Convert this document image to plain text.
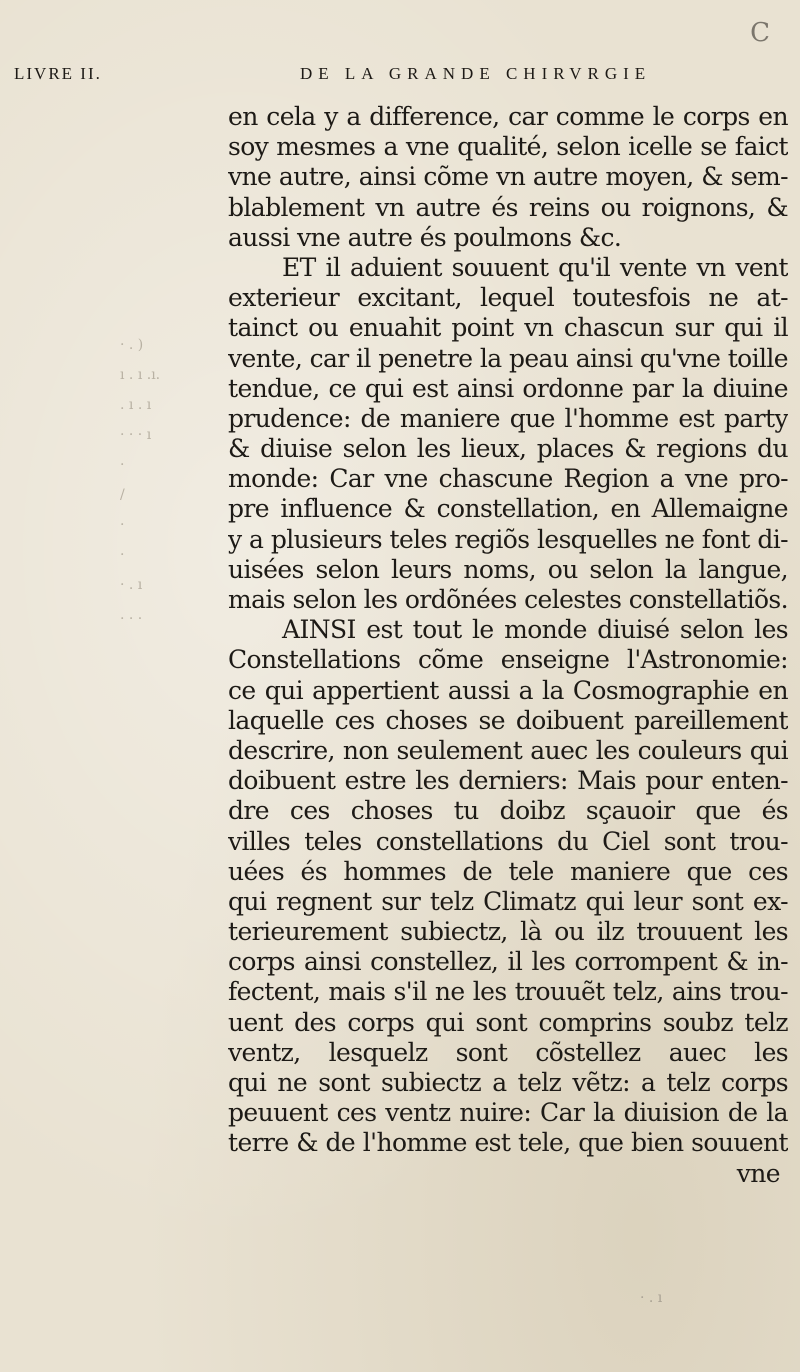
C
LIVRE II.	DE LA GRANDE CHIRVRGIE
· . )
ı . ı .ı.
. ı . ı
· · · ı
·
/
·
·
· . ı
. . .
en cela y a difference, car comme le corps en
soy mesmes a vne qualité, selon icelle se faict
vne autre, ainsi cõme vn autre moyen, & sem-
blablement vn autre és reins ou roignons, &
aussi vne autre és poulmons &c.
ET il aduient souuent qu'il vente vn vent
exterieur excitant, lequel toutesfois ne at-
tainct ou enuahit point vn chascun sur qui il
vente, car il penetre la peau ainsi qu'vne toille
tendue, ce qui est ainsi ordonne par la diuine
prudence: de maniere que l'homme est party
& diuise selon les lieux, places & regions du
monde: Car vne chascune Region a vne pro-
pre influence & constellation, en Allemaigne
y a plusieurs teles regiõs lesquelles ne font di-
uisées selon leurs noms, ou selon la langue,
mais selon les ordõnées celestes constellatiõs.
AINSI est tout le monde diuisé selon les
Constellations cõme enseigne l'Astronomie:
ce qui appertient aussi a la Cosmographie en
laquelle ces choses se doibuent pareillement
descrire, non seulement auec les couleurs qui
doibuent estre les derniers: Mais pour enten-
dre ces choses tu doibz sçauoir que és
villes teles constellations du Ciel sont trou-
uées és hommes de tele maniere que ces
qui regnent sur telz Climatz qui leur sont ex-
terieurement subiectz, là ou ilz trouuent les
corps ainsi constellez, il les corrompent & in-
fectent, mais s'il ne les trouuẽt telz, ains trou-
uent des corps qui sont comprins soubz telz
ventz, lesquelz sont cõstellez auec les
qui ne sont subiectz a telz vẽtz: a telz corps
peuuent ces ventz nuire: Car la diuision de la
terre & de l'homme est tele, que bien souuent
vne
· . ı
